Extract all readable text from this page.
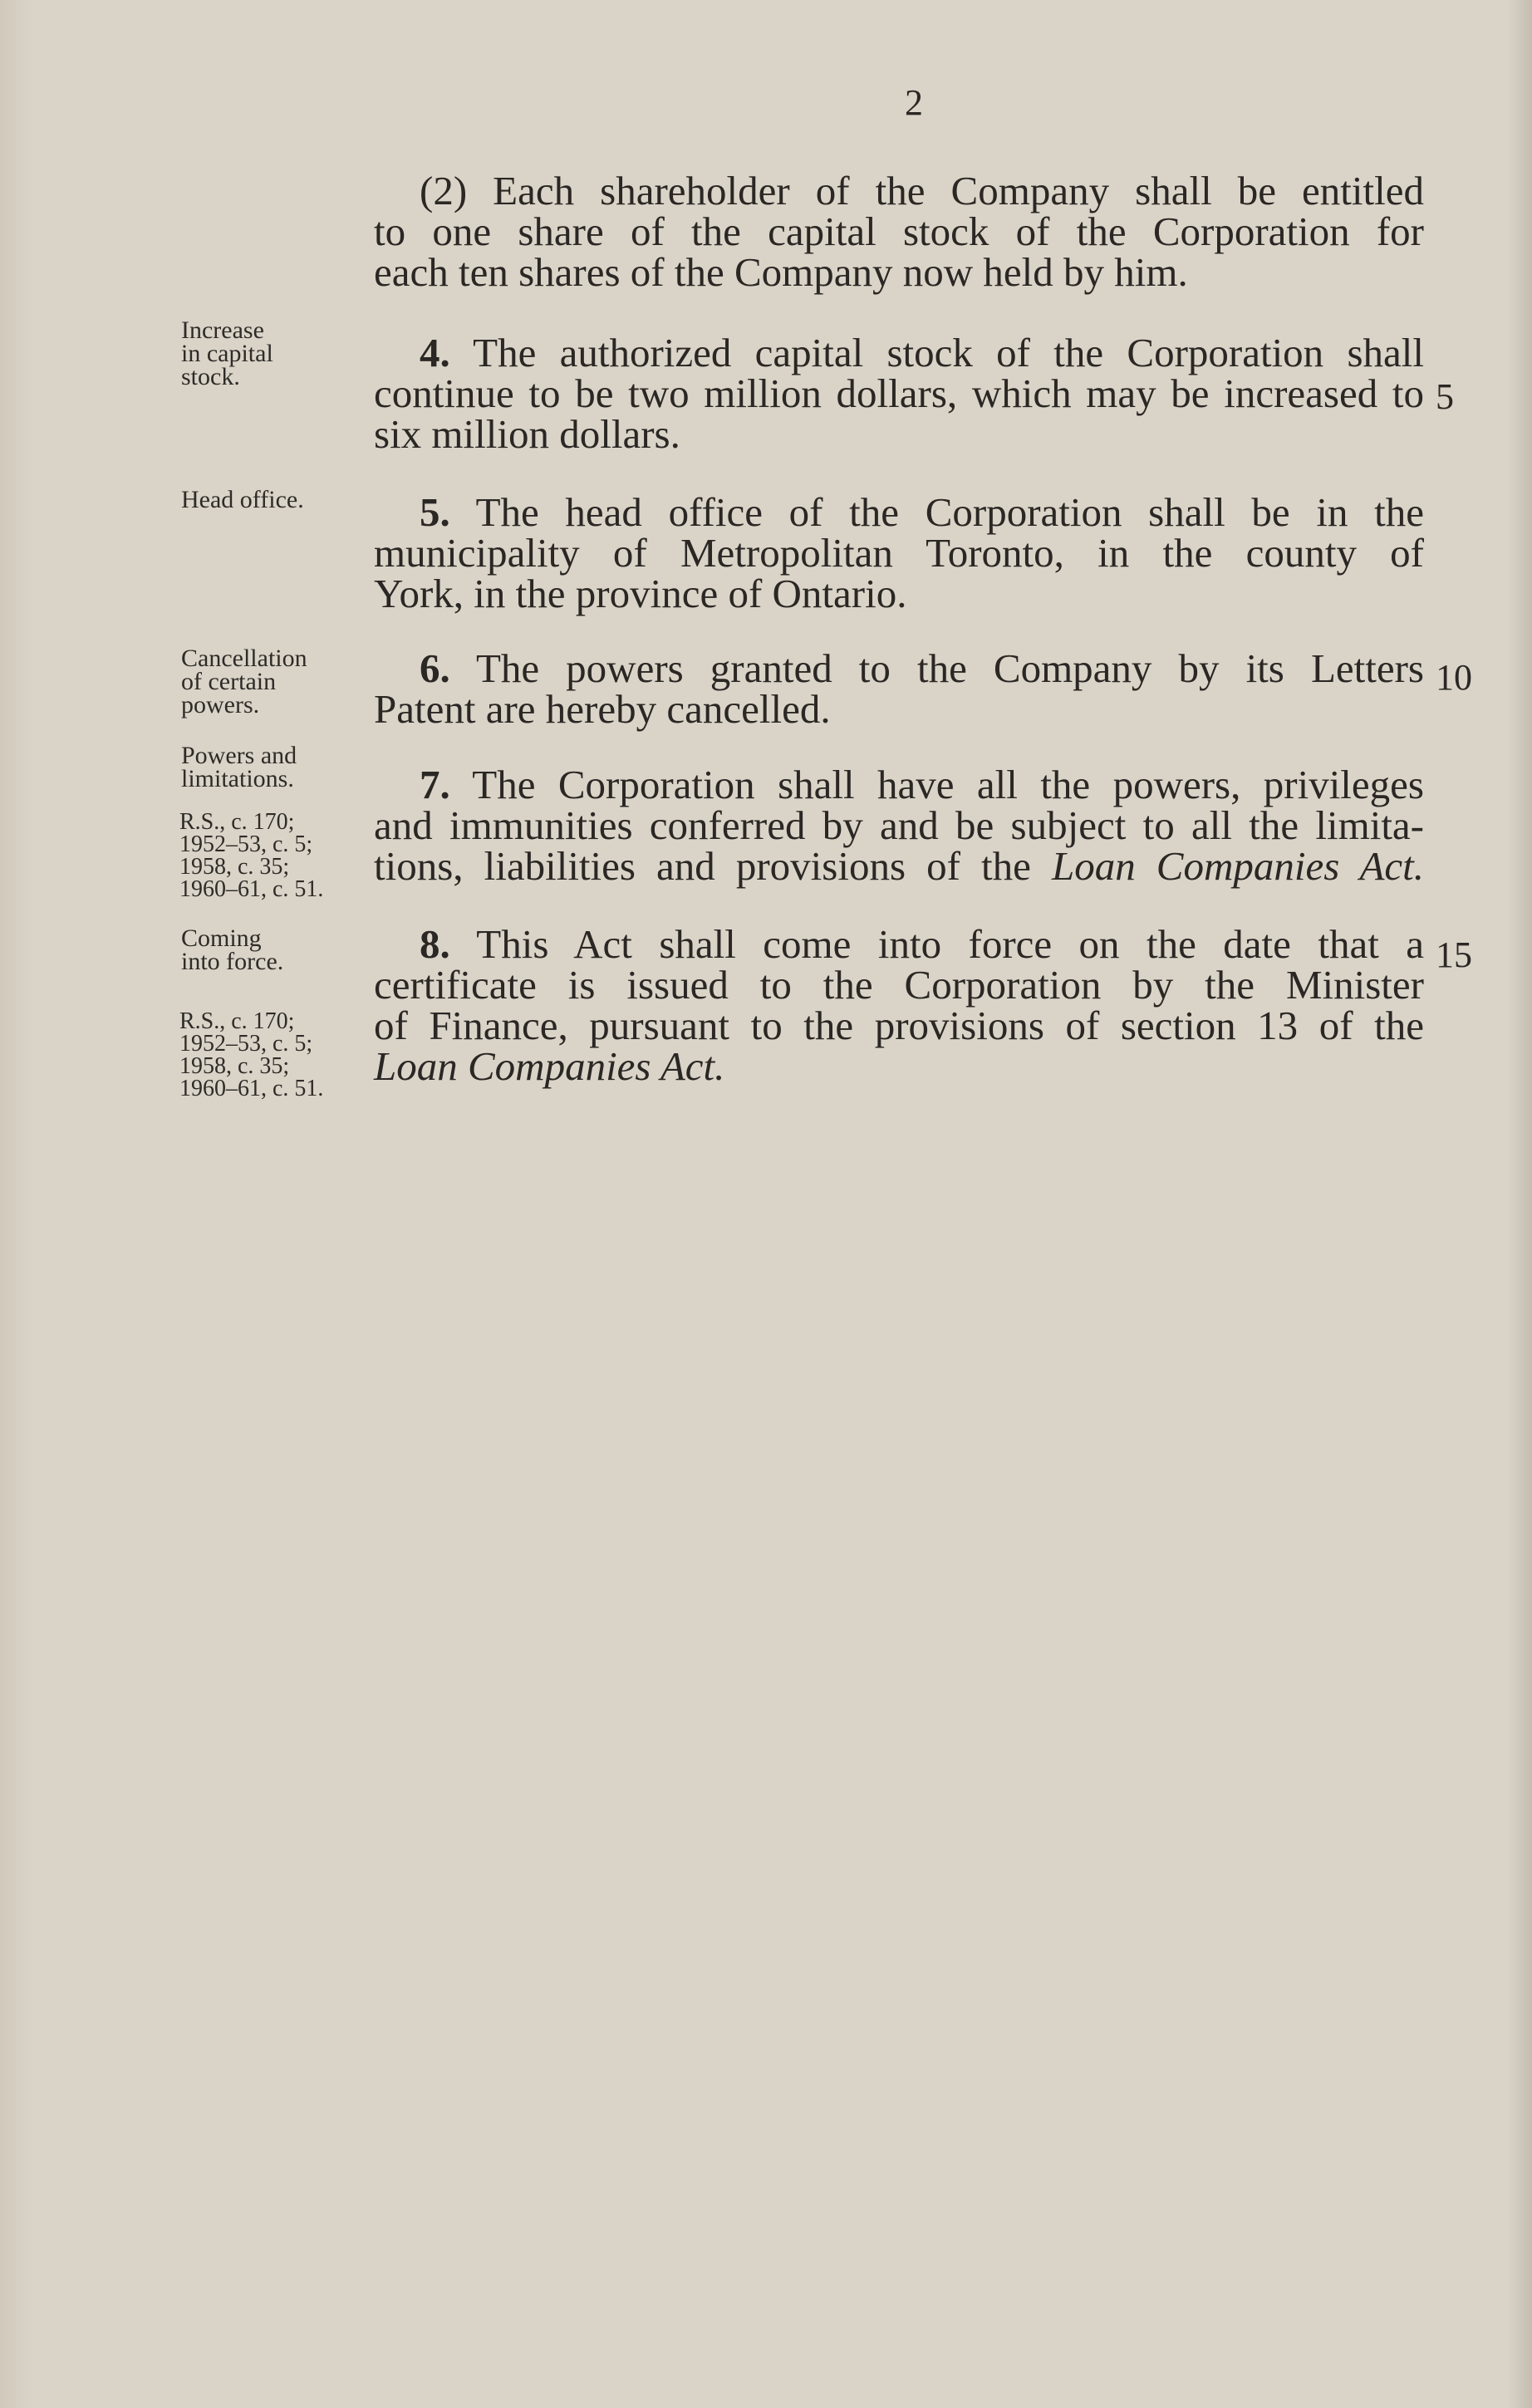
2
(2) Each shareholder of the Company shall be entitled
to one share of the capital stock of the Corporation for
each ten shares of the Company now held by him.
Increase
in capital
stock.
4. The authorized capital stock of the Corporation shall
continue to be two million dollars, which may be increased to
six million dollars.
5
Head office.	5. The head office of the Corporation shall be in the
municipality of Metropolitan Toronto, in the county of
York, in the province of Ontario.
Cancellation
of certain
powers.
6. The powers granted to the Company by its Letters
Patent are hereby cancelled.
10
Powers and
limitations.
R.S., c. 170;
1952–53, c. 5;
1958, c. 35;
1960–61, c. 51.
7. The Corporation shall have all the powers, privileges
and immunities conferred by and be subject to all the limita-
tions, liabilities and provisions of the Loan Companies Act.
Coming
into force.
R.S., c. 170;
1952–53, c. 5;
1958, c. 35;
1960–61, c. 51.
8. This Act shall come into force on the date that a
certificate is issued to the Corporation by the Minister
of Finance, pursuant to the provisions of section 13 of the
Loan Companies Act.
15
